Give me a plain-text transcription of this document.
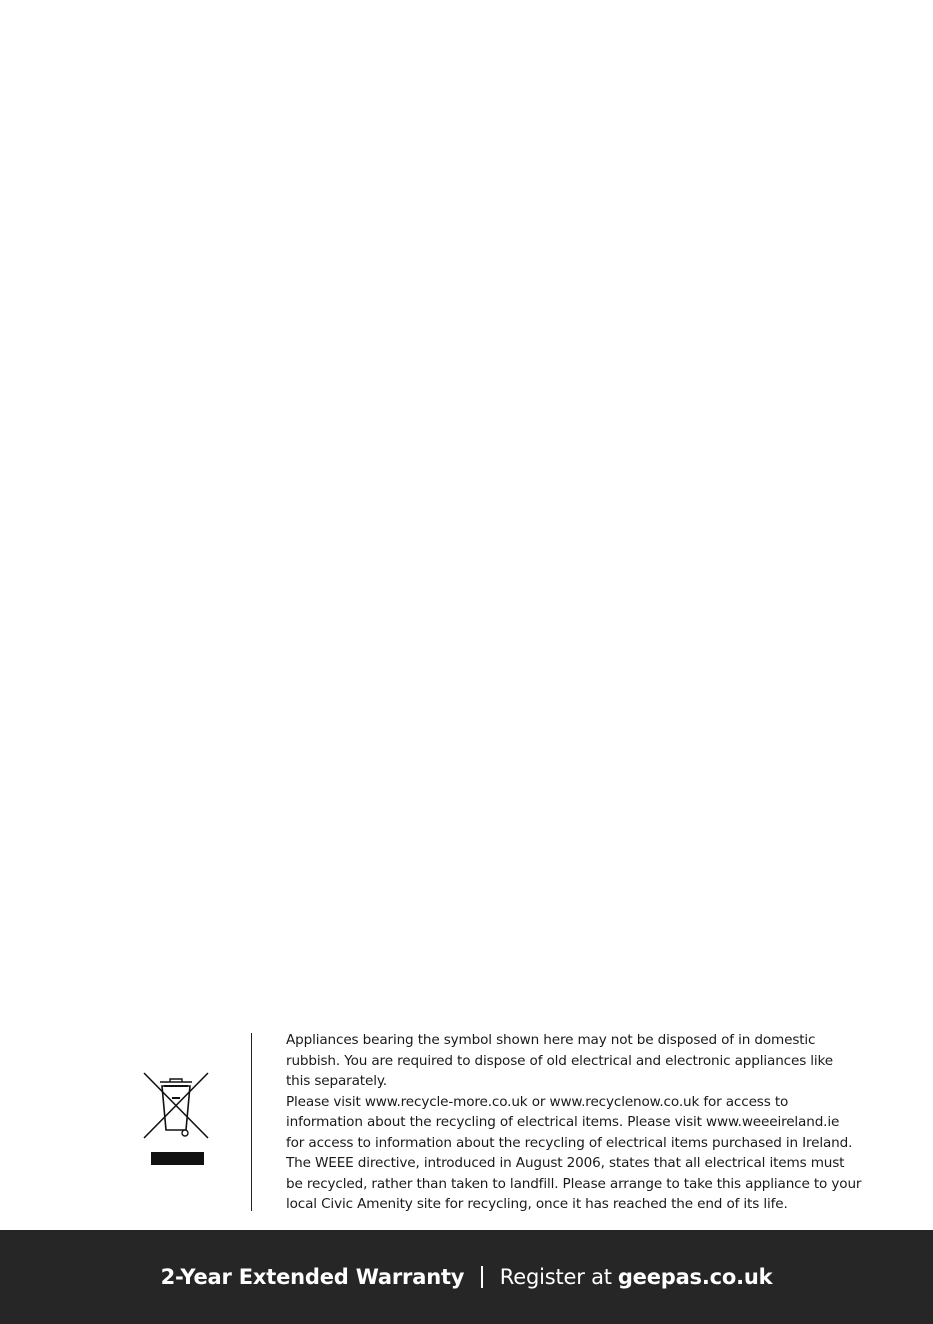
Appliances bearing the symbol shown here may not be disposed of in domestic

rubbish. You are required to dispose of old electrical and electronic appliances like

this separately.

Please visit www.recycle-more.co.uk or www.recyclenow.co.uk for access to

information about the recycling of electrical items. Please visit www.weeeireland.ie

for access to information about the recycling of electrical items purchased in Ireland.

The WEEE directive, introduced in August 2006, states that all electrical items must

be recycled, rather than taken to landfill. Please arrange to take this appliance to your

local Civic Amenity site for recycling, once it has reached the end of its life.

2-Year Extended Warranty Register at geepas.co.uk
